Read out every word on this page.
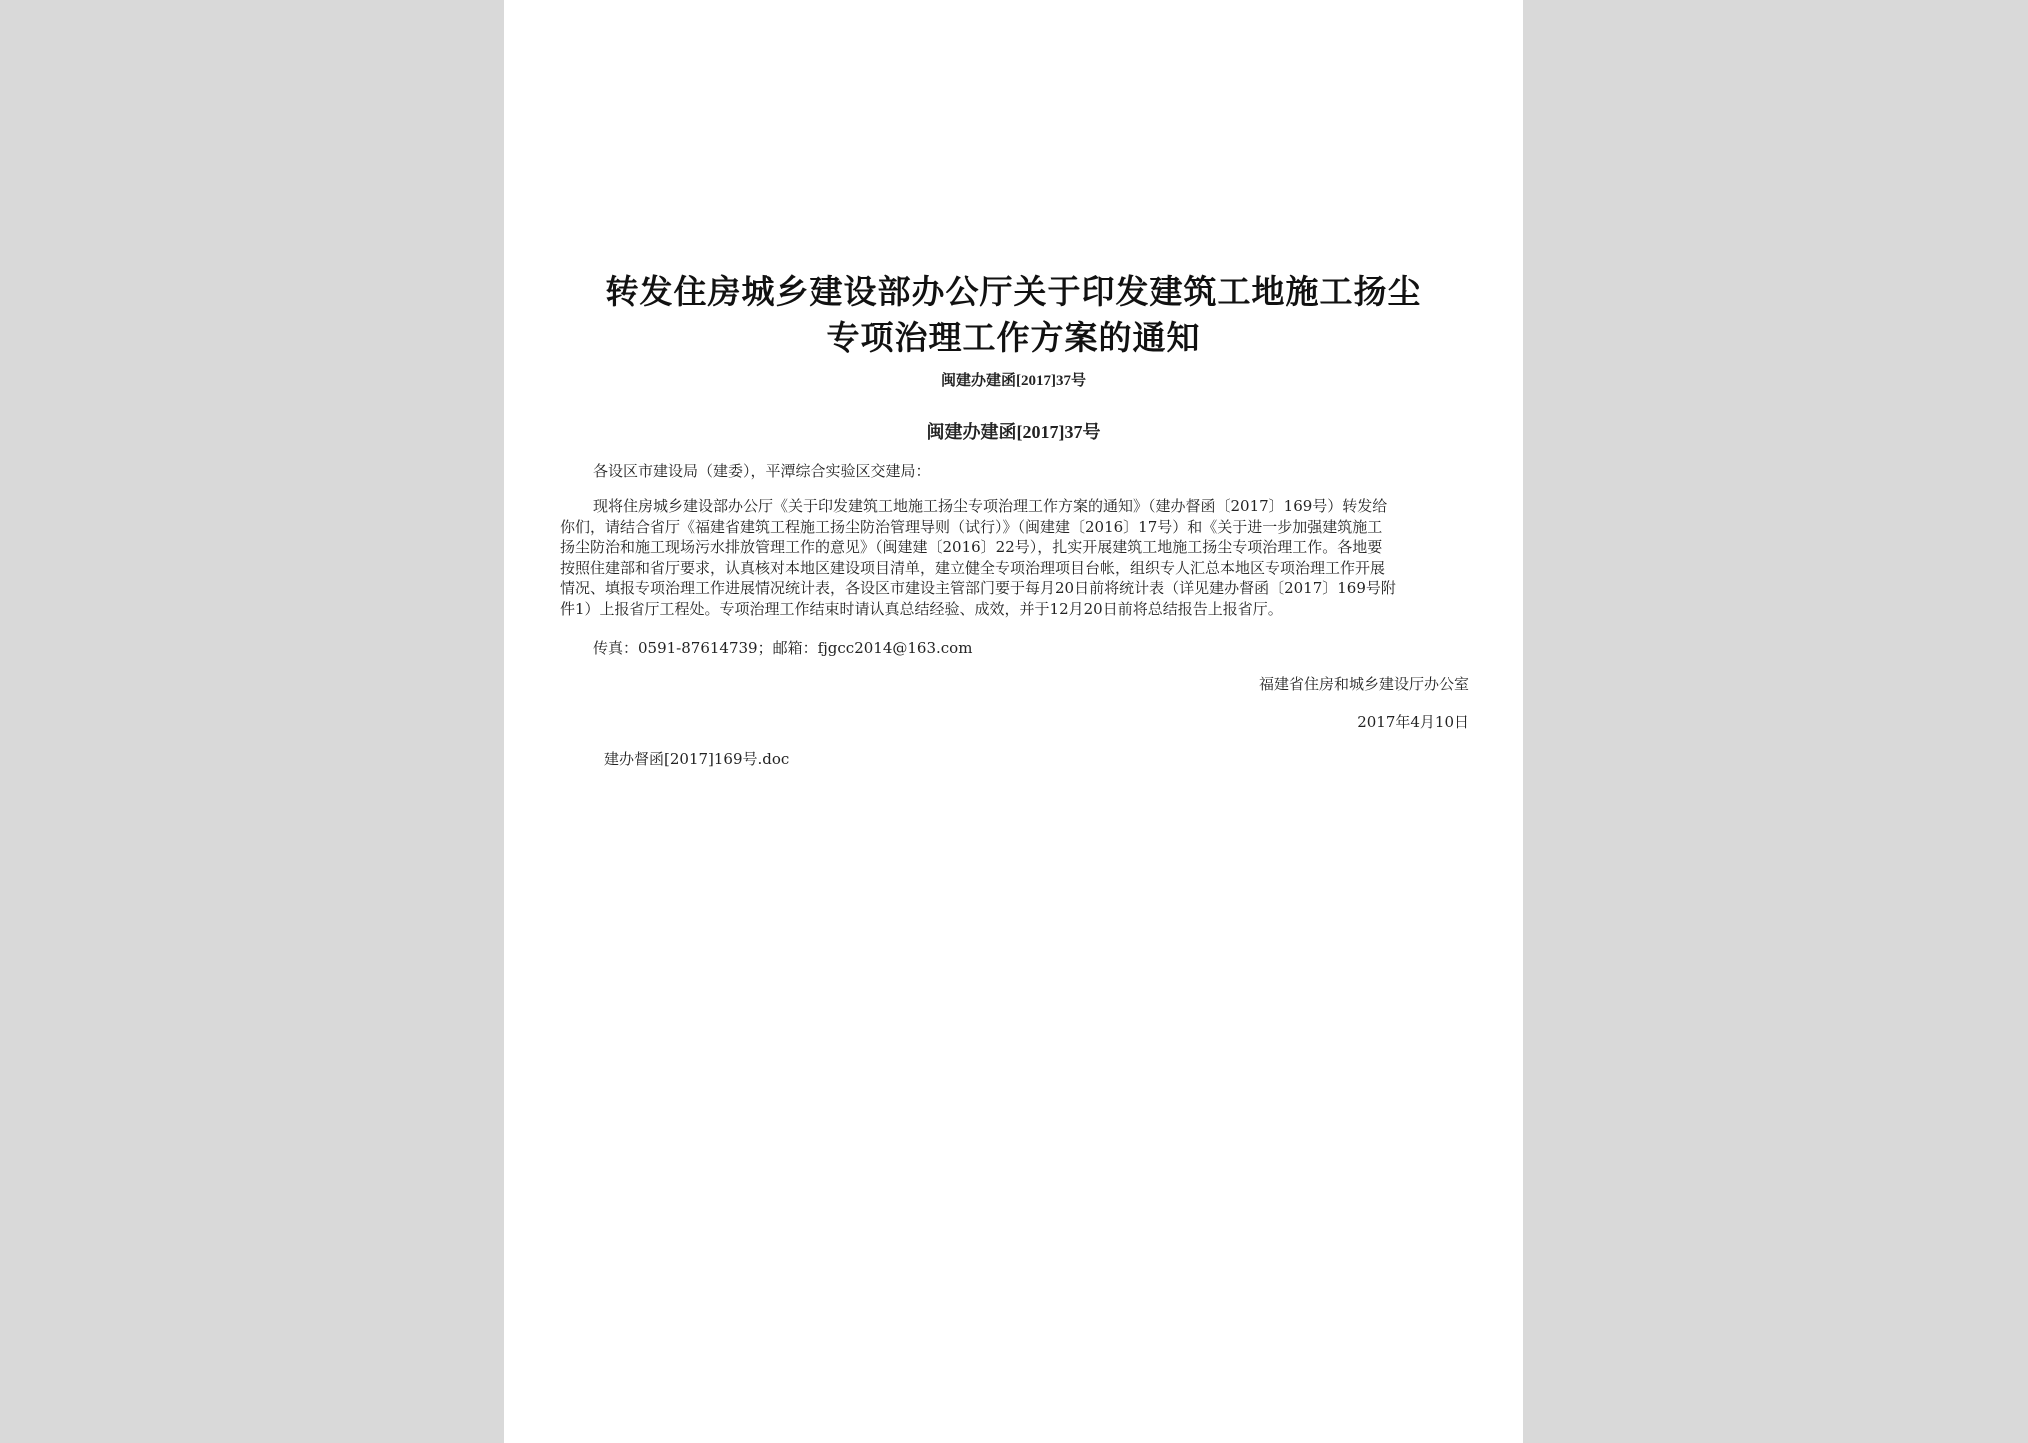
转发住房城乡建设部办公厅关于印发建筑工地施工扬尘
专项治理工作方案的通知
闽建办建函[2017]37号
闽建办建函[2017]37号
各设区市建设局（建委），平潭综合实验区交建局：
现将住房城乡建设部办公厅《关于印发建筑工地施工扬尘专项治理工作方案的通知》（建办督函〔2017〕169号）转发给
你们，请结合省厅《福建省建筑工程施工扬尘防治管理导则（试行）》（闽建建〔2016〕17号）和《关于进一步加强建筑施工
扬尘防治和施工现场污水排放管理工作的意见》（闽建建〔2016〕22号），扎实开展建筑工地施工扬尘专项治理工作。各地要
按照住建部和省厅要求，认真核对本地区建设项目清单，建立健全专项治理项目台帐，组织专人汇总本地区专项治理工作开展
情况、填报专项治理工作进展情况统计表，各设区市建设主管部门要于每月20日前将统计表（详见建办督函〔2017〕169号附
件1）上报省厅工程处。专项治理工作结束时请认真总结经验、成效，并于12月20日前将总结报告上报省厅。
传真：0591-87614739；邮箱：fjgcc2014@163.com
福建省住房和城乡建设厅办公室
2017年4月10日
建办督函[2017]169号.doc
